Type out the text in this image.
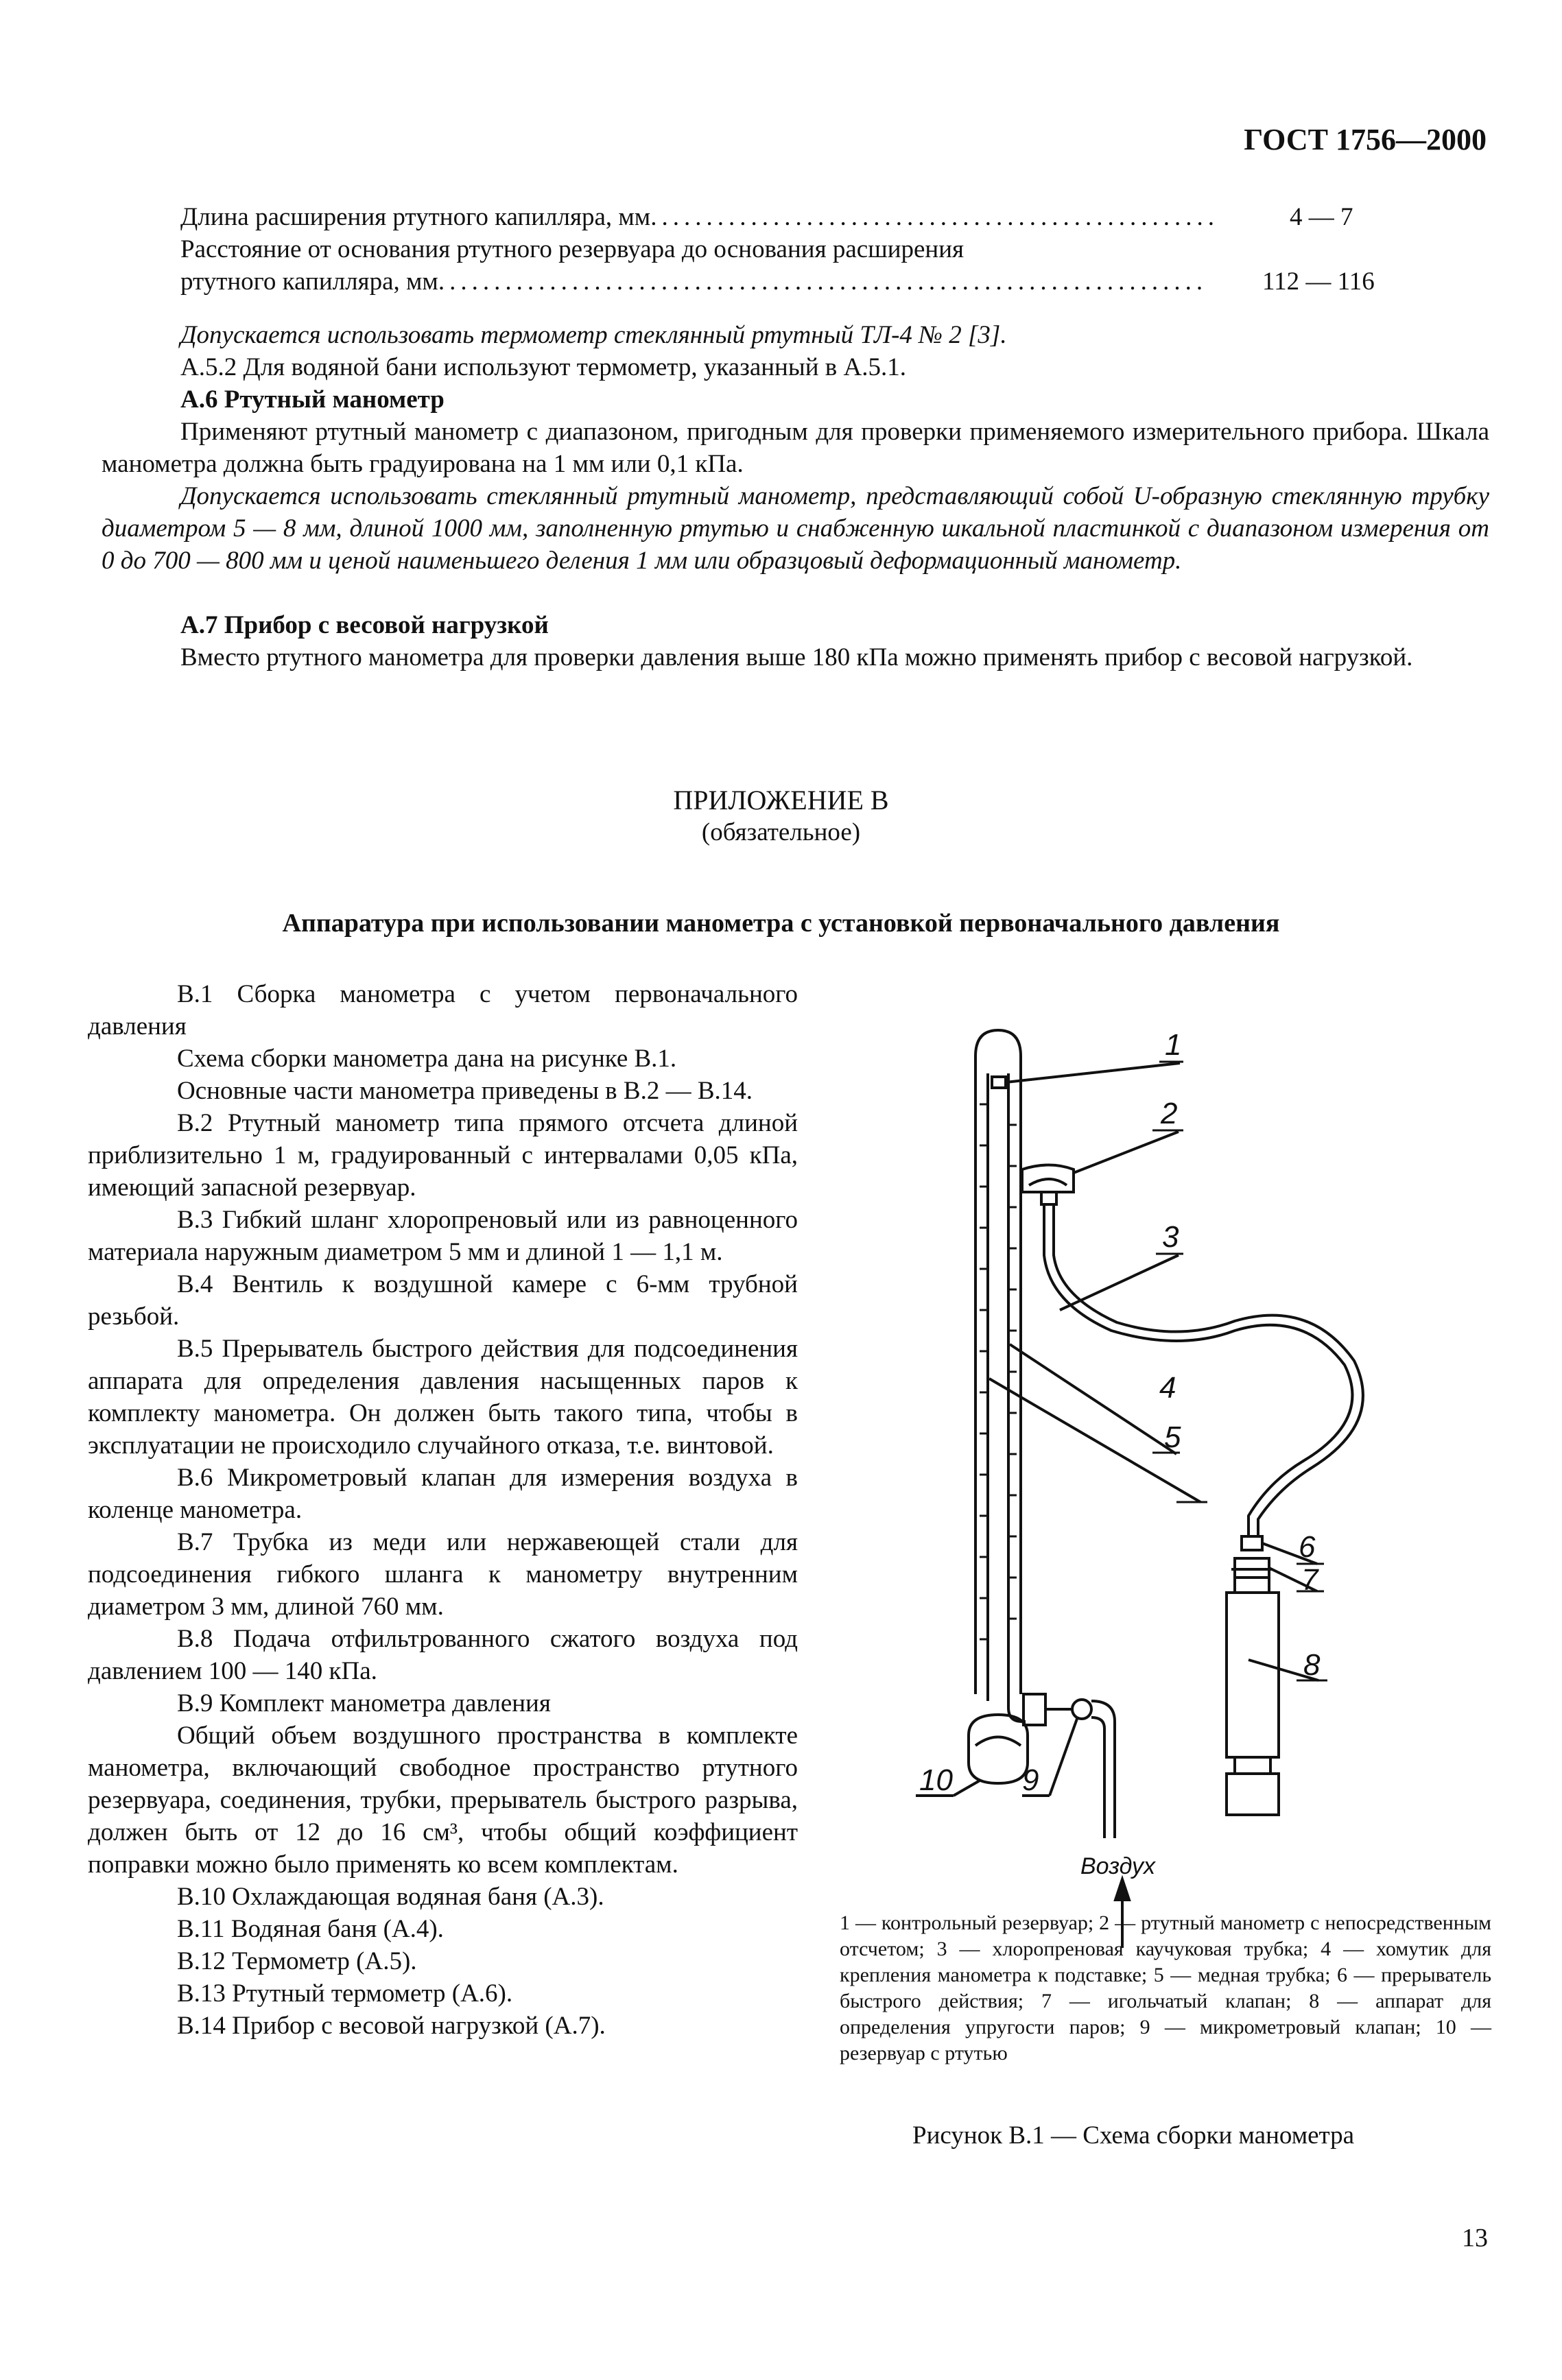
ГОСТ 1756—2000
Длина расширения ртутного капилляра, мм ...................................................	4 — 7
Расстояние от основания ртутного резервуара до основания расширения
ртутного капилляра, мм ..................................................................... 112 — 116
Допускается использовать термометр стеклянный ртутный ТЛ-4 № 2 [3].
А.5.2 Для водяной бани используют термометр, указанный в А.5.1.
А.6 Ртутный манометр
Применяют ртутный манометр с диапазоном, пригодным для проверки применяемого измерительного прибора. Шкала манометра должна быть градуирована на 1 мм или 0,1 кПа.
Допускается использовать стеклянный ртутный манометр, представляющий собой U-образную стеклянную трубку диаметром 5 — 8 мм, длиной 1000 мм, заполненную ртутью и снабженную шкальной пластинкой с диапазоном измерения от 0 до 700 — 800 мм и ценой наименьшего деления 1 мм или образцовый деформационный манометр.
А.7 Прибор с весовой нагрузкой
Вместо ртутного манометра для проверки давления выше 180 кПа можно применять прибор с весовой нагрузкой.
ПРИЛОЖЕНИЕ В
(обязательное)
Аппаратура при использовании манометра с установкой первоначального давления

В.1 Сборка манометра с учетом первоначального давления

Схема сборки манометра дана на рисунке В.1.

Основные части манометра приведены в В.2 — В.14.

В.2 Ртутный манометр типа прямого отсчета длиной приблизительно 1 м, градуированный с интервалами 0,05 кПа, имеющий запасной резервуар.

В.3 Гибкий шланг хлоропреновый или из равноценного материала наружным диаметром 5 мм и длиной 1 — 1,1 м.

В.4 Вентиль к воздушной камере с 6-мм трубной резьбой.

В.5 Прерыватель быстрого действия для подсоединения аппарата для определения давления насыщенных паров к комплекту манометра. Он должен быть такого типа, чтобы в эксплуатации не происходило случайного отказа, т.е. винтовой.

В.6 Микрометровый клапан для измерения воздуха в коленце манометра.

В.7 Трубка из меди или нержавеющей стали для подсоединения гибкого шланга к манометру внутренним диаметром 3 мм, длиной 760 мм.

В.8 Подача отфильтрованного сжатого воздуха под давлением 100 — 140 кПа.

В.9 Комплект манометра давления

Общий объем воздушного пространства в комплекте манометра, включающий свободное пространство ртутного резервуара, соединения, трубки, прерыватель быстрого разрыва, должен быть от 12 до 16 см³, чтобы общий коэффициент поправки можно было применять ко всем комплектам.

В.10 Охлаждающая водяная баня (А.3).

В.11 Водяная баня (А.4).

В.12 Термометр (А.5).

В.13 Ртутный термометр (А.6).

В.14 Прибор с весовой нагрузкой (А.7).

1
2
3
4
5
6
7
8
9
10
Воздух
1 — контрольный резервуар; 2 — ртутный манометр с непосредственным отсчетом; 3 — хлоропреновая каучуковая трубка; 4 — хомутик для крепления манометра к подставке; 5 — медная трубка; 6 — прерыватель быстрого действия; 7 — игольчатый клапан; 8 — аппарат для определения упругости паров; 9 — микрометровый клапан; 10 — резервуар с ртутью
Рисунок В.1 — Схема сборки манометра
13
